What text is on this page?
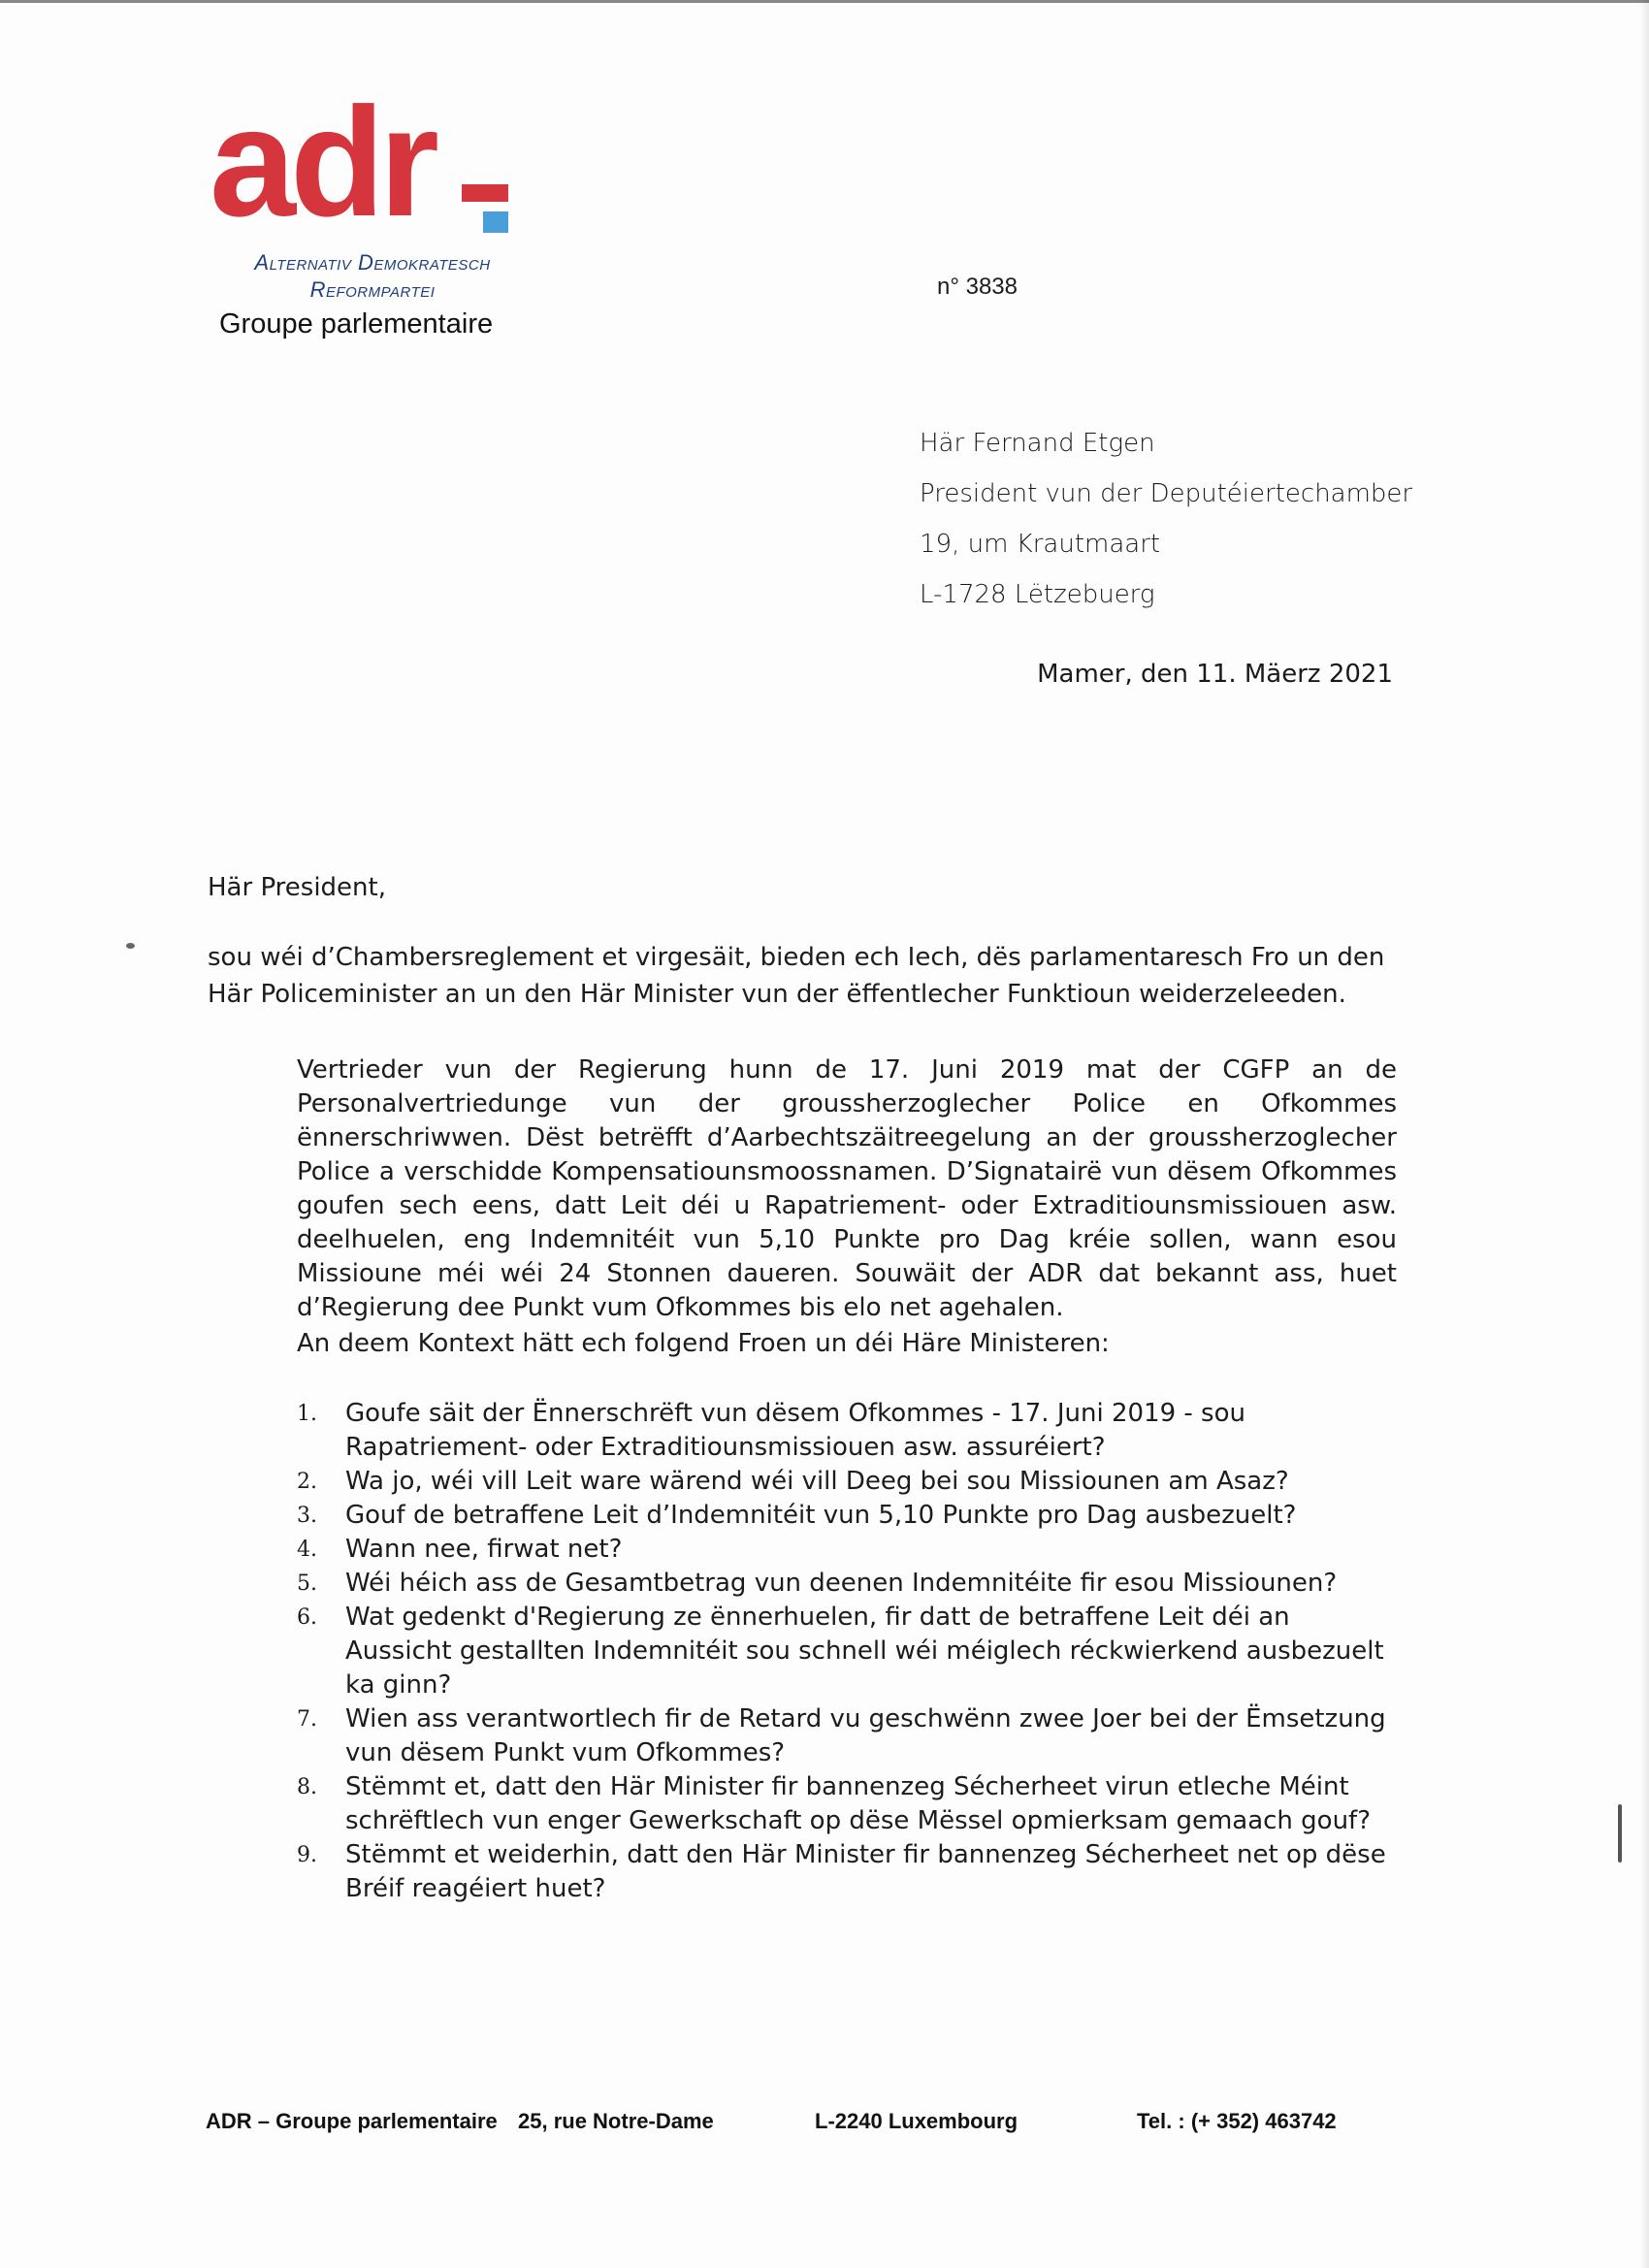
adr
Alternativ Demokratesch
Reformpartei
Groupe parlementaire
n° 3838
Här Fernand Etgen
President vun der Deputéiertechamber
19, um Krautmaart
L-1728 Lëtzebuerg
Mamer, den 11. Mäerz 2021
Här President,
sou wéi d’Chambersreglement et virgesäit, bieden ech Iech, dës parlamentaresch Fro un den Här Policeminister an un den Här Minister vun der ëffentlecher Funktioun weiderzeleeden.
Vertrieder vun der Regierung hunn de 17. Juni 2019 mat der CGFP an de Personalvertriedunge vun der groussherzoglecher Police en Ofkommes ënnerschriwwen. Dëst betrëfft d’Aarbechtszäitreegelung an der groussherzoglecher Police a verschidde Kompensatiounsmoossnamen. D’Signatairë vun dësem Ofkommes goufen sech eens, datt Leit déi u Rapatriement- oder Extraditiounsmissiouen asw. deelhuelen, eng Indemnitéit vun 5,10 Punkte pro Dag kréie sollen, wann esou Missioune méi wéi 24 Stonnen daueren. Souwäit der ADR dat bekannt ass, huet d’Regierung dee Punkt vum Ofkommes bis elo net agehalen.
An deem Kontext hätt ech folgend Froen un déi Häre Ministeren:
1. Goufe säit der Ënnerschrëft vun dësem Ofkommes - 17. Juni 2019 - sou Rapatriement- oder Extraditiounsmissiouen asw. assuréiert?
2. Wa jo, wéi vill Leit ware wärend wéi vill Deeg bei sou Missiounen am Asaz?
3. Gouf de betraffene Leit d’Indemnitéit vun 5,10 Punkte pro Dag ausbezuelt?
4. Wann nee, firwat net?
5. Wéi héich ass de Gesamtbetrag vun deenen Indemnitéite fir esou Missiounen?
6. Wat gedenkt d'Regierung ze ënnerhuelen, fir datt de betraffene Leit déi an Aussicht gestallten Indemnitéit sou schnell wéi méiglech réckwierkend ausbezuelt ka ginn?
7. Wien ass verantwortlech fir de Retard vu geschwënn zwee Joer bei der Ëmsetzung vun dësem Punkt vum Ofkommes?
8. Stëmmt et, datt den Här Minister fir bannenzeg Sécherheet virun etleche Méint schrëftlech vun enger Gewerkschaft op dëse Mëssel opmierksam gemaach gouf?
9. Stëmmt et weiderhin, datt den Här Minister fir bannenzeg Sécherheet net op dëse Bréif reagéiert huet?
ADR – Groupe parlementaire 25, rue Notre-Dame	L-2240 Luxembourg	Tel. : (+ 352) 463742
